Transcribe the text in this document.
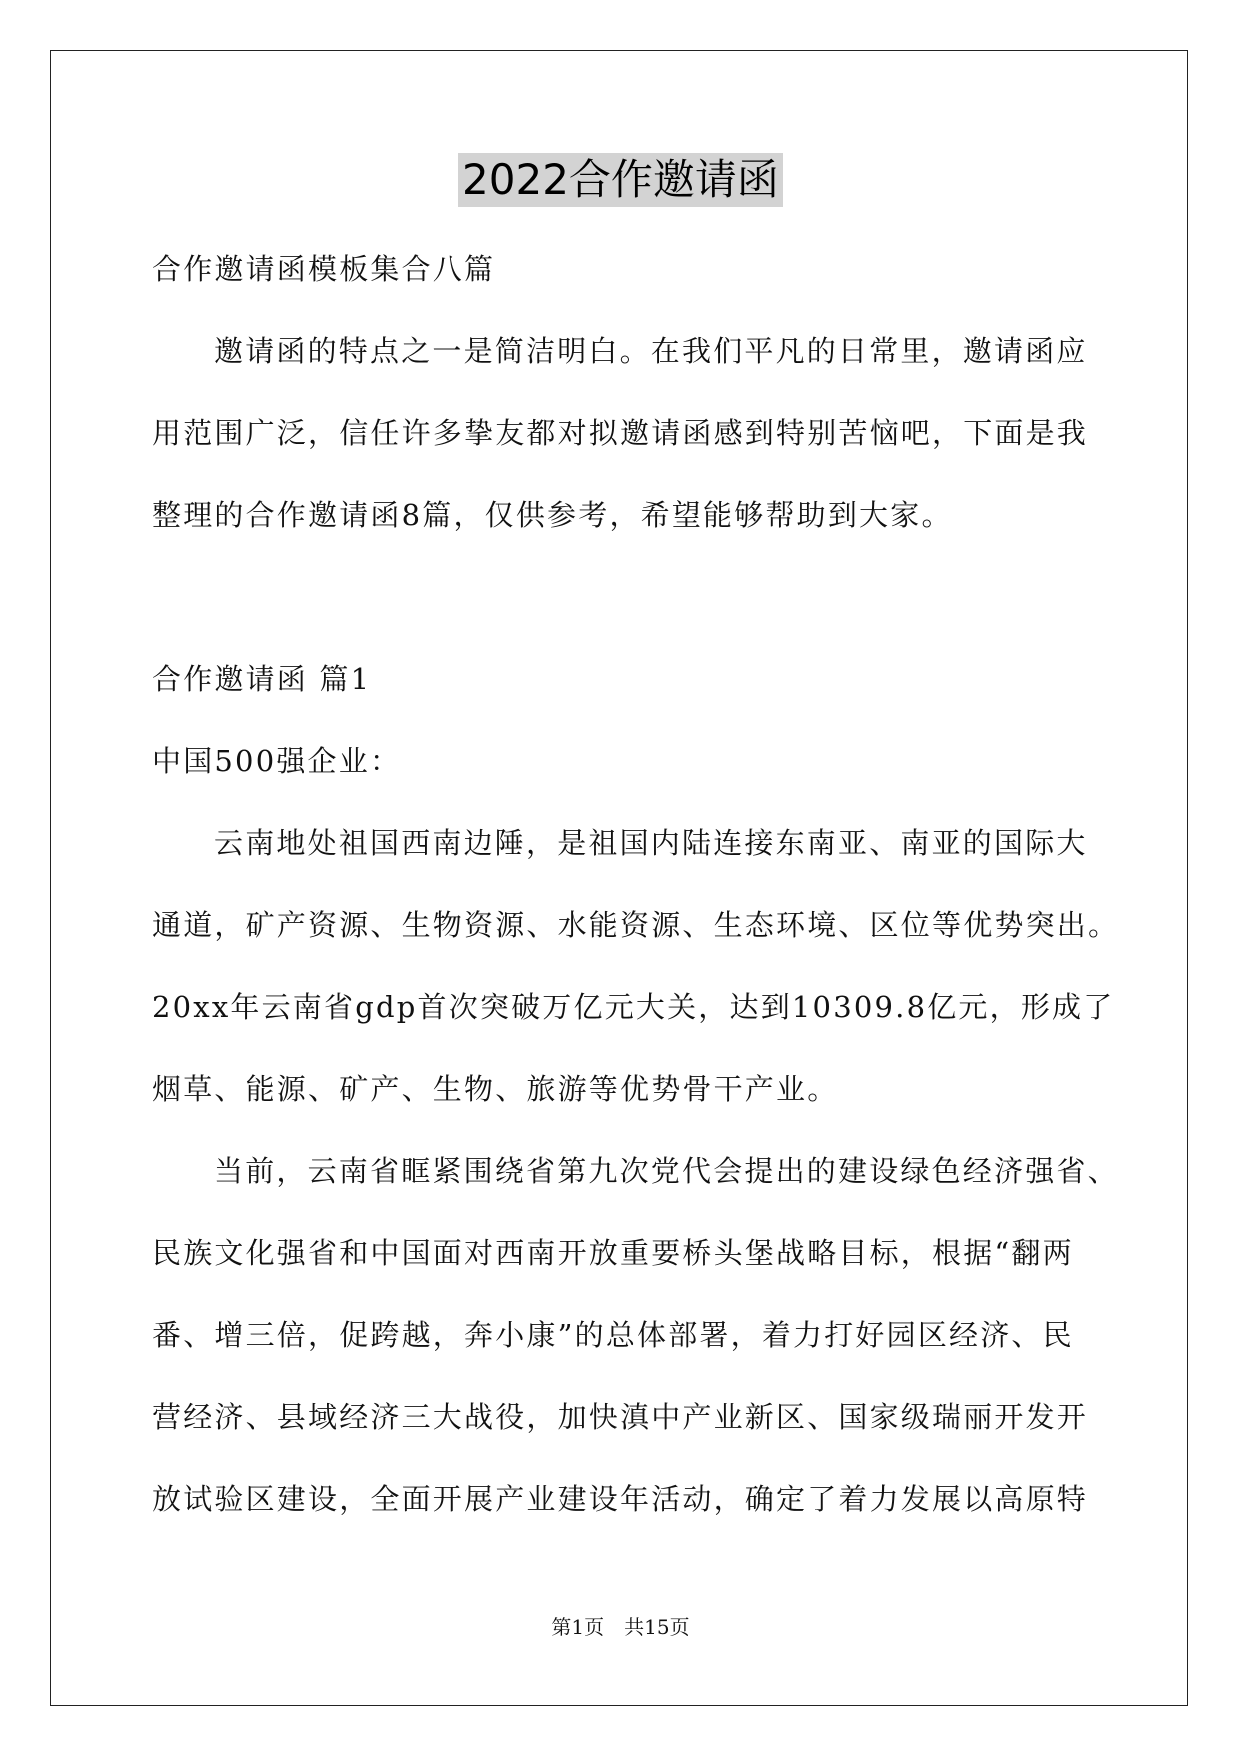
2022合作邀请函
合作邀请函模板集合八篇
邀请函的特点之一是简洁明白。在我们平凡的日常里，邀请函应
用范围广泛，信任许多挚友都对拟邀请函感到特别苦恼吧，下面是我
整理的合作邀请函8篇，仅供参考，希望能够帮助到大家。
合作邀请函 篇1
中国500强企业：
云南地处祖国西南边陲，是祖国内陆连接东南亚、南亚的国际大
通道，矿产资源、生物资源、水能资源、生态环境、区位等优势突出。
20xx年云南省gdp首次突破万亿元大关，达到10309.8亿元，形成了
烟草、能源、矿产、生物、旅游等优势骨干产业。
当前，云南省眶紧围绕省第九次党代会提出的建设绿色经济强省、
民族文化强省和中国面对西南开放重要桥头堡战略目标，根据“翻两
番、增三倍，促跨越，奔小康”的总体部署，着力打好园区经济、民
营经济、县域经济三大战役，加快滇中产业新区、国家级瑞丽开发开
放试验区建设，全面开展产业建设年活动，确定了着力发展以高原特
第1页　共15页
